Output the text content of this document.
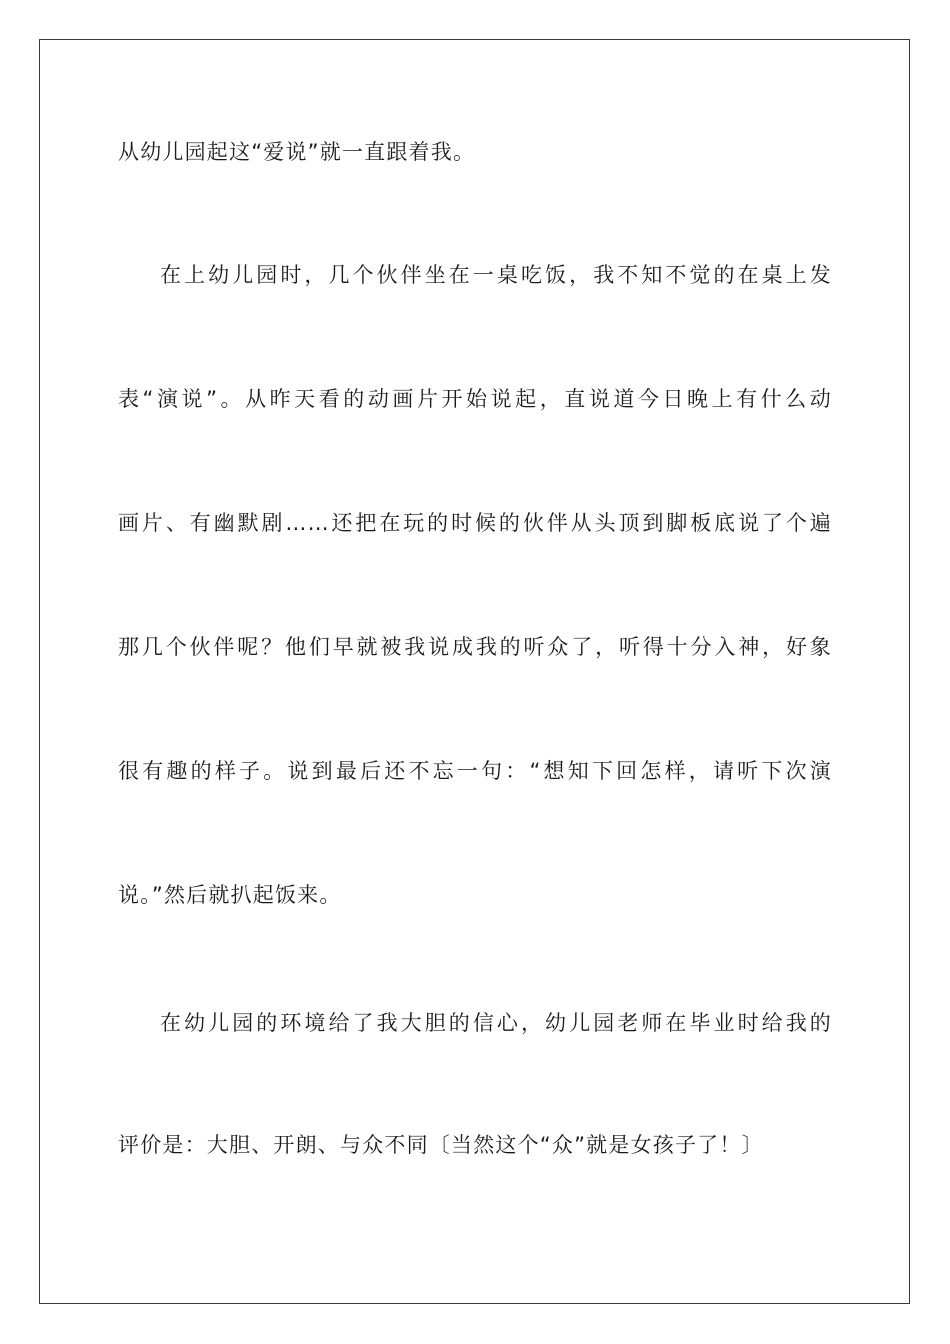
从幼儿园起这“爱说”就一直跟着我。
在上幼儿园时，几个伙伴坐在一桌吃饭，我不知不觉的在桌上发
表“演说”。从昨天看的动画片开始说起，直说道今日晚上有什么动
画片、有幽默剧……还把在玩的时候的伙伴从头顶到脚板底说了个遍
那几个伙伴呢？他们早就被我说成我的听众了，听得十分入神，好象
很有趣的样子。说到最后还不忘一句：“想知下回怎样，请听下次演
说。”然后就扒起饭来。
在幼儿园的环境给了我大胆的信心，幼儿园老师在毕业时给我的
评价是：大胆、开朗、与众不同〔当然这个“众”就是女孩子了！〕
